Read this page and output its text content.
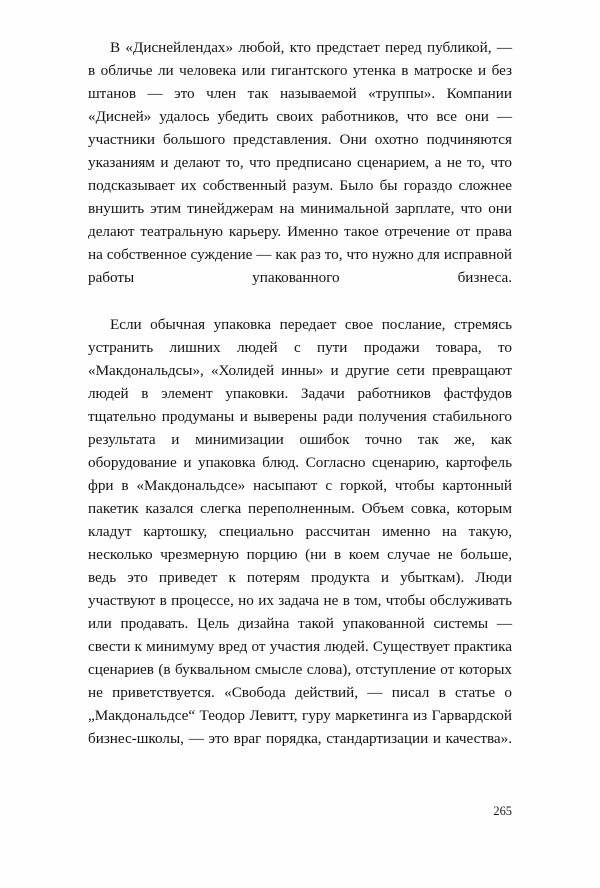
В «Диснейлендах» любой, кто предстает перед публикой, — в обличье ли человека или гигантского утенка в матроске и без штанов — это член так называемой «труппы». Компании «Дисней» удалось убедить своих работников, что все они — участники большого представления. Они охотно подчиняются указаниям и делают то, что предписано сценарием, а не то, что подсказывает их собственный разум. Было бы гораздо сложнее внушить этим тинейджерам на минимальной зарплате, что они делают театральную карьеру. Именно такое отречение от права на собственное суждение — как раз то, что нужно для исправной работы упакованного бизнеса.

Если обычная упаковка передает свое послание, стремясь устранить лишних людей с пути продажи товара, то «Макдональдсы», «Холидей инны» и другие сети превращают людей в элемент упаковки. Задачи работников фастфудов тщательно продуманы и выверены ради получения стабильного результата и минимизации ошибок точно так же, как оборудование и упаковка блюд. Согласно сценарию, картофель фри в «Макдональдсе» насыпают с горкой, чтобы картонный пакетик казался слегка переполненным. Объем совка, которым кладут картошку, специально рассчитан именно на такую, несколько чрезмерную порцию (ни в коем случае не больше, ведь это приведет к потерям продукта и убыткам). Люди участвуют в процессе, но их задача не в том, чтобы обслуживать или продавать. Цель дизайна такой упакованной системы — свести к минимуму вред от участия людей. Существует практика сценариев (в буквальном смысле слова), отступление от которых не приветствуется. «Свобода действий, — писал в статье о „Макдональдсе“ Теодор Левитт, гуру маркетинга из Гарвардской бизнес-школы, — это враг порядка, стандартизации и качества».

265
